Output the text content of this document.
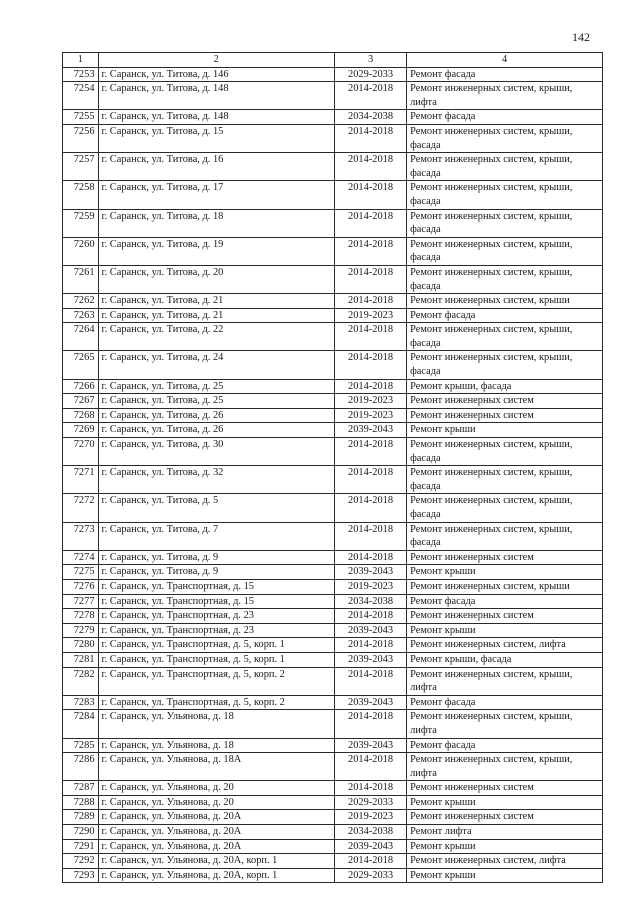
142
1	2	3	4
7253	г. Саранск, ул. Титова, д. 146	2029-2033	Ремонт фасада
7254	г. Саранск, ул. Титова, д. 148	2014-2018	Ремонт инженерных систем, крыши, лифта
7255	г. Саранск, ул. Титова, д. 148	2034-2038	Ремонт фасада
7256	г. Саранск, ул. Титова, д. 15	2014-2018	Ремонт инженерных систем, крыши, фасада
7257	г. Саранск, ул. Титова, д. 16	2014-2018	Ремонт инженерных систем, крыши, фасада
7258	г. Саранск, ул. Титова, д. 17	2014-2018	Ремонт инженерных систем, крыши, фасада
7259	г. Саранск, ул. Титова, д. 18	2014-2018	Ремонт инженерных систем, крыши, фасада
7260	г. Саранск, ул. Титова, д. 19	2014-2018	Ремонт инженерных систем, крыши, фасада
7261	г. Саранск, ул. Титова, д. 20	2014-2018	Ремонт инженерных систем, крыши, фасада
7262	г. Саранск, ул. Титова, д. 21	2014-2018	Ремонт инженерных систем, крыши
7263	г. Саранск, ул. Титова, д. 21	2019-2023	Ремонт фасада
7264	г. Саранск, ул. Титова, д. 22	2014-2018	Ремонт инженерных систем, крыши, фасада
7265	г. Саранск, ул. Титова, д. 24	2014-2018	Ремонт инженерных систем, крыши, фасада
7266	г. Саранск, ул. Титова, д. 25	2014-2018	Ремонт крыши, фасада
7267	г. Саранск, ул. Титова, д. 25	2019-2023	Ремонт инженерных систем
7268	г. Саранск, ул. Титова, д. 26	2019-2023	Ремонт инженерных систем
7269	г. Саранск, ул. Титова, д. 26	2039-2043	Ремонт крыши
7270	г. Саранск, ул. Титова, д. 30	2014-2018	Ремонт инженерных систем, крыши, фасада
7271	г. Саранск, ул. Титова, д. 32	2014-2018	Ремонт инженерных систем, крыши, фасада
7272	г. Саранск, ул. Титова, д. 5	2014-2018	Ремонт инженерных систем, крыши, фасада
7273	г. Саранск, ул. Титова, д. 7	2014-2018	Ремонт инженерных систем, крыши, фасада
7274	г. Саранск, ул. Титова, д. 9	2014-2018	Ремонт инженерных систем
7275	г. Саранск, ул. Титова, д. 9	2039-2043	Ремонт крыши
7276	г. Саранск, ул. Транспортная, д. 15	2019-2023	Ремонт инженерных систем, крыши
7277	г. Саранск, ул. Транспортная, д. 15	2034-2038	Ремонт фасада
7278	г. Саранск, ул. Транспортная, д. 23	2014-2018	Ремонт инженерных систем
7279	г. Саранск, ул. Транспортная, д. 23	2039-2043	Ремонт крыши
7280	г. Саранск, ул. Транспортная, д. 5, корп. 1	2014-2018	Ремонт инженерных систем, лифта
7281	г. Саранск, ул. Транспортная, д. 5, корп. 1	2039-2043	Ремонт крыши, фасада
7282	г. Саранск, ул. Транспортная, д. 5, корп. 2	2014-2018	Ремонт инженерных систем, крыши, лифта
7283	г. Саранск, ул. Транспортная, д. 5, корп. 2	2039-2043	Ремонт фасада
7284	г. Саранск, ул. Ульянова, д. 18	2014-2018	Ремонт инженерных систем, крыши, лифта
7285	г. Саранск, ул. Ульянова, д. 18	2039-2043	Ремонт фасада
7286	г. Саранск, ул. Ульянова, д. 18А	2014-2018	Ремонт инженерных систем, крыши, лифта
7287	г. Саранск, ул. Ульянова, д. 20	2014-2018	Ремонт инженерных систем
7288	г. Саранск, ул. Ульянова, д. 20	2029-2033	Ремонт крыши
7289	г. Саранск, ул. Ульянова, д. 20А	2019-2023	Ремонт инженерных систем
7290	г. Саранск, ул. Ульянова, д. 20А	2034-2038	Ремонт лифта
7291	г. Саранск, ул. Ульянова, д. 20А	2039-2043	Ремонт крыши
7292	г. Саранск, ул. Ульянова, д. 20А, корп. 1	2014-2018	Ремонт инженерных систем, лифта
7293	г. Саранск, ул. Ульянова, д. 20А, корп. 1	2029-2033	Ремонт крыши
